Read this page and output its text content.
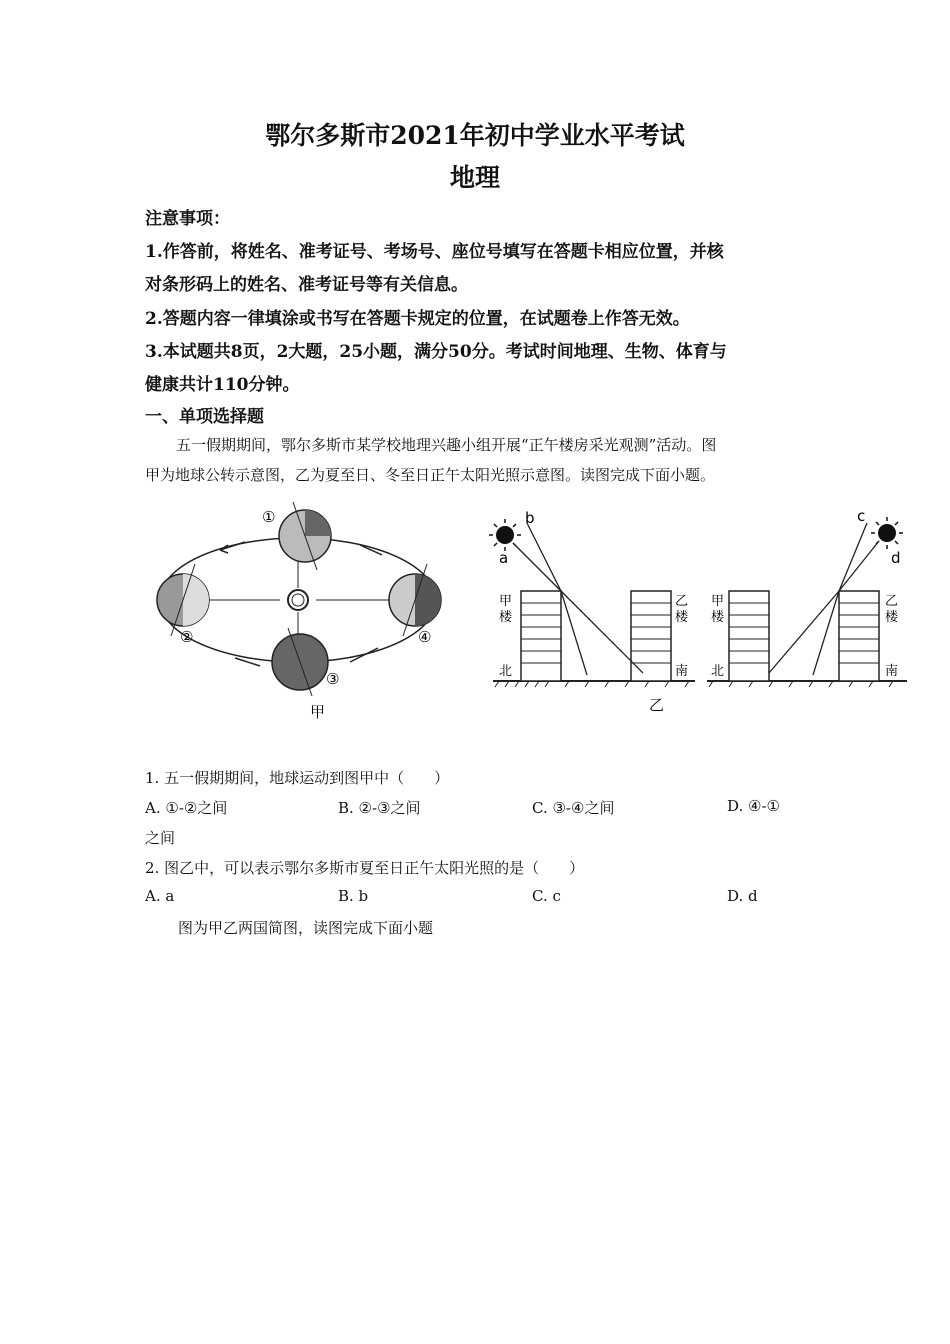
鄂尔多斯市2021年初中学业水平考试
地理
注意事项：
1.作答前，将姓名、准考证号、考场号、座位号填写在答题卡相应位置，并核
对条形码上的姓名、准考证号等有关信息。
2.答题内容一律填涂或书写在答题卡规定的位置，在试题卷上作答无效。
3.本试题共8页，2大题，25小题，满分50分。考试时间地理、生物、体育与
健康共计110分钟。
一、单项选择题
五一假期期间，鄂尔多斯市某学校地理兴趣小组开展“正午楼房采光观测”活动。图
甲为地球公转示意图，乙为夏至日、冬至日正午太阳光照示意图。读图完成下面小题。
①
②
③
④
甲
b
a
c
d
甲
楼
乙
楼
北	南
甲
楼
乙
楼
北	南
乙
1. 五一假期期间，地球运动到图甲中（　　）
A. ①-②之间	B. ②-③之间	C. ③-④之间	D. ④-①
之间
2. 图乙中，可以表示鄂尔多斯市夏至日正午太阳光照的是（　　）
A. a	B. b	C. c	D. d
图为甲乙两国简图，读图完成下面小题
